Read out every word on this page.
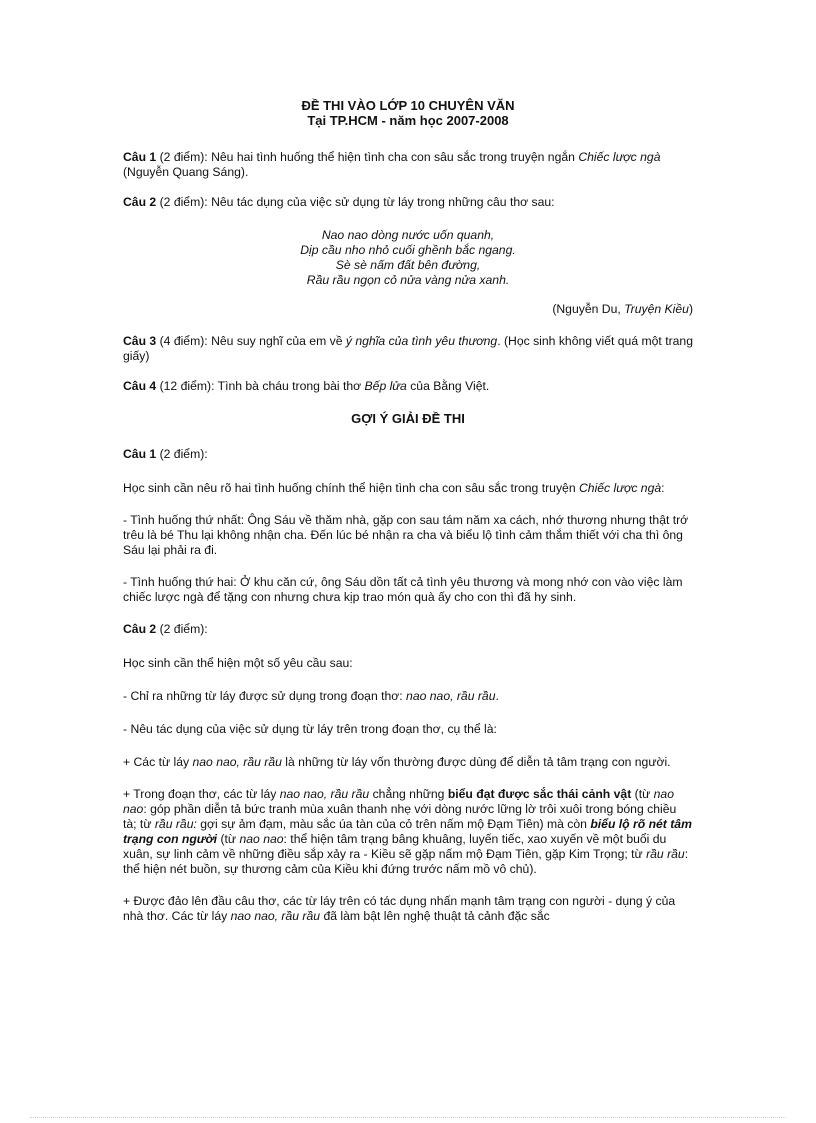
ĐỀ THI VÀO LỚP 10 CHUYÊN VĂN
Tại TP.HCM - năm học 2007-2008

Câu 1 (2 điểm): Nêu hai tình huống thể hiện tình cha con sâu sắc trong truyện ngắn Chiếc lược ngà (Nguyễn Quang Sáng).

Câu 2 (2 điểm): Nêu tác dụng của việc sử dụng từ láy trong những câu thơ sau:

Nao nao dòng nước uốn quanh,
Dịp cầu nho nhỏ cuối ghềnh bắc ngang.
Sè sè nấm đất bên đường,
Rầu rầu ngọn cỏ nửa vàng nửa xanh.
(Nguyễn Du, Truyện Kiều)

Câu 3 (4 điểm): Nêu suy nghĩ của em về ý nghĩa của tình yêu thương. (Học sinh không viết quá một trang giấy)

Câu 4 (12 điểm): Tình bà cháu trong bài thơ Bếp lửa của Bằng Việt.

GỢI Ý GIẢI ĐỀ THI

Câu 1 (2 điểm):

Học sinh cần nêu rõ hai tình huống chính thể hiện tình cha con sâu sắc trong truyện Chiếc lược ngà:

- Tình huống thứ nhất: Ông Sáu về thăm nhà, gặp con sau tám năm xa cách, nhớ thương nhưng thật trớ trêu là bé Thu lại không nhận cha. Đến lúc bé nhận ra cha và biểu lộ tình cảm thắm thiết với cha thì ông Sáu lại phải ra đi.

- Tình huống thứ hai: Ở khu căn cứ, ông Sáu dồn tất cả tình yêu thương và mong nhớ con vào việc làm chiếc lược ngà để tặng con nhưng chưa kịp trao món quà ấy cho con thì đã hy sinh.

Câu 2 (2 điểm):

Học sinh cần thể hiện một số yêu cầu sau:

- Chỉ ra những từ láy được sử dụng trong đoạn thơ: nao nao, rầu rầu.

- Nêu tác dụng của việc sử dụng từ láy trên trong đoạn thơ, cụ thể là:

+ Các từ láy nao nao, rầu rầu là những từ láy vốn thường được dùng để diễn tả tâm trạng con người.

+ Trong đoạn thơ, các từ láy nao nao, rầu rầu chẳng những biểu đạt được sắc thái cảnh vật (từ nao nao: góp phần diễn tả bức tranh mùa xuân thanh nhẹ với dòng nước lững lờ trôi xuôi trong bóng chiều tà; từ rầu rầu: gợi sự ảm đạm, màu sắc úa tàn của cỏ trên nấm mộ Đạm Tiên) mà còn biểu lộ rõ nét tâm trạng con người (từ nao nao: thể hiện tâm trạng bâng khuâng, luyến tiếc, xao xuyến về một buổi du xuân, sự linh cảm về những điều sắp xảy ra - Kiều sẽ gặp nấm mộ Đạm Tiên, gặp Kim Trọng; từ rầu rầu: thể hiện nét buồn, sự thương cảm của Kiều khi đứng trước nấm mồ vô chủ).

+ Được đảo lên đầu câu thơ, các từ láy trên có tác dụng nhấn mạnh tâm trạng con người - dụng ý của nhà thơ. Các từ láy nao nao, rầu rầu đã làm bật lên nghệ thuật tả cảnh đặc sắc
